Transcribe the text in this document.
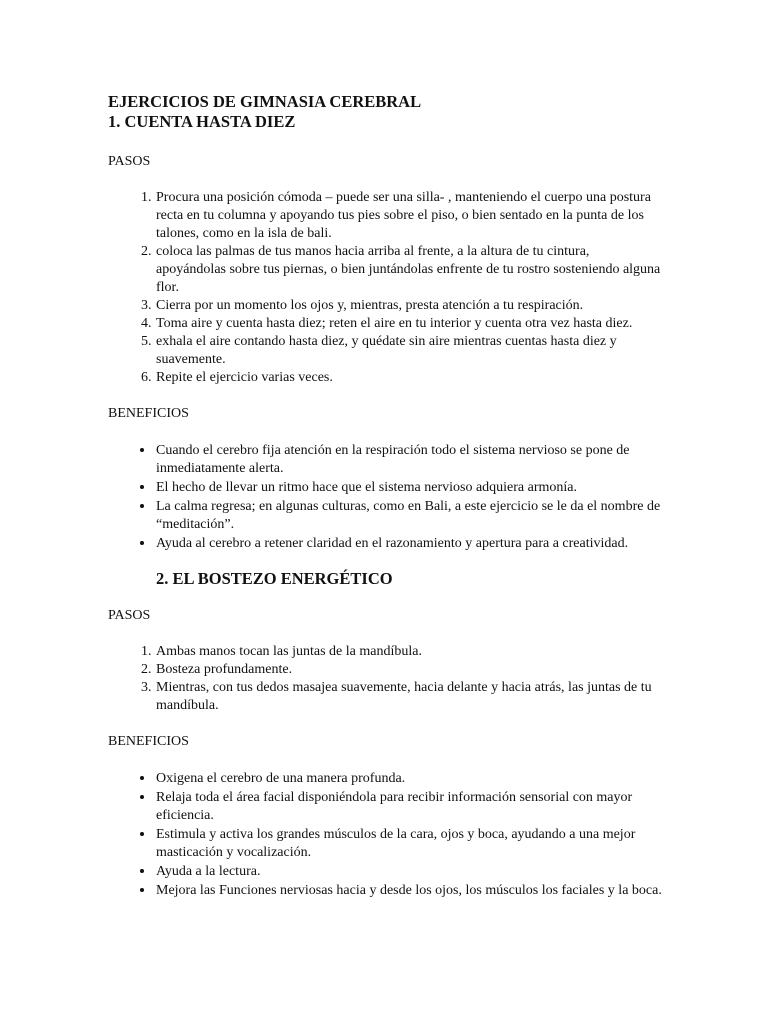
EJERCICIOS DE GIMNASIA CEREBRAL
1. CUENTA HASTA DIEZ
PASOS
1. Procura una posición cómoda – puede ser una silla- , manteniendo el cuerpo una postura recta en tu columna y apoyando tus pies sobre el piso, o bien sentado en la punta de los talones, como en la isla de bali.
2. coloca las palmas de tus manos hacia arriba al frente, a la altura de tu cintura, apoyándolas sobre tus piernas, o bien juntándolas enfrente de tu rostro sosteniendo alguna flor.
3. Cierra por un momento los ojos y, mientras, presta atención a tu respiración.
4. Toma aire y cuenta hasta diez; reten el aire en tu interior y cuenta otra vez hasta diez.
5. exhala el aire contando hasta diez, y quédate sin aire mientras cuentas hasta diez y suavemente.
6. Repite el ejercicio varias veces.
BENEFICIOS
• Cuando el cerebro fija atención en la respiración todo el sistema nervioso se pone de inmediatamente alerta.
• El hecho de llevar un ritmo hace que el sistema nervioso adquiera armonía.
• La calma regresa; en algunas culturas, como en Bali, a este ejercicio se le da el nombre de “meditación”.
• Ayuda al cerebro a retener claridad en el razonamiento y apertura para a creatividad.
2. EL BOSTEZO ENERGÉTICO
PASOS
1. Ambas manos tocan las juntas de la mandíbula.
2. Bosteza profundamente.
3. Mientras, con tus dedos masajea suavemente, hacia delante y hacia atrás, las juntas de tu mandíbula.
BENEFICIOS
• Oxigena el cerebro de una manera profunda.
• Relaja toda el área facial disponiéndola para recibir información sensorial con mayor eficiencia.
• Estimula y activa los grandes músculos de la cara, ojos y boca, ayudando a una mejor masticación y vocalización.
• Ayuda a la lectura.
• Mejora las Funciones nerviosas hacia y desde los ojos, los músculos los faciales y la boca.
